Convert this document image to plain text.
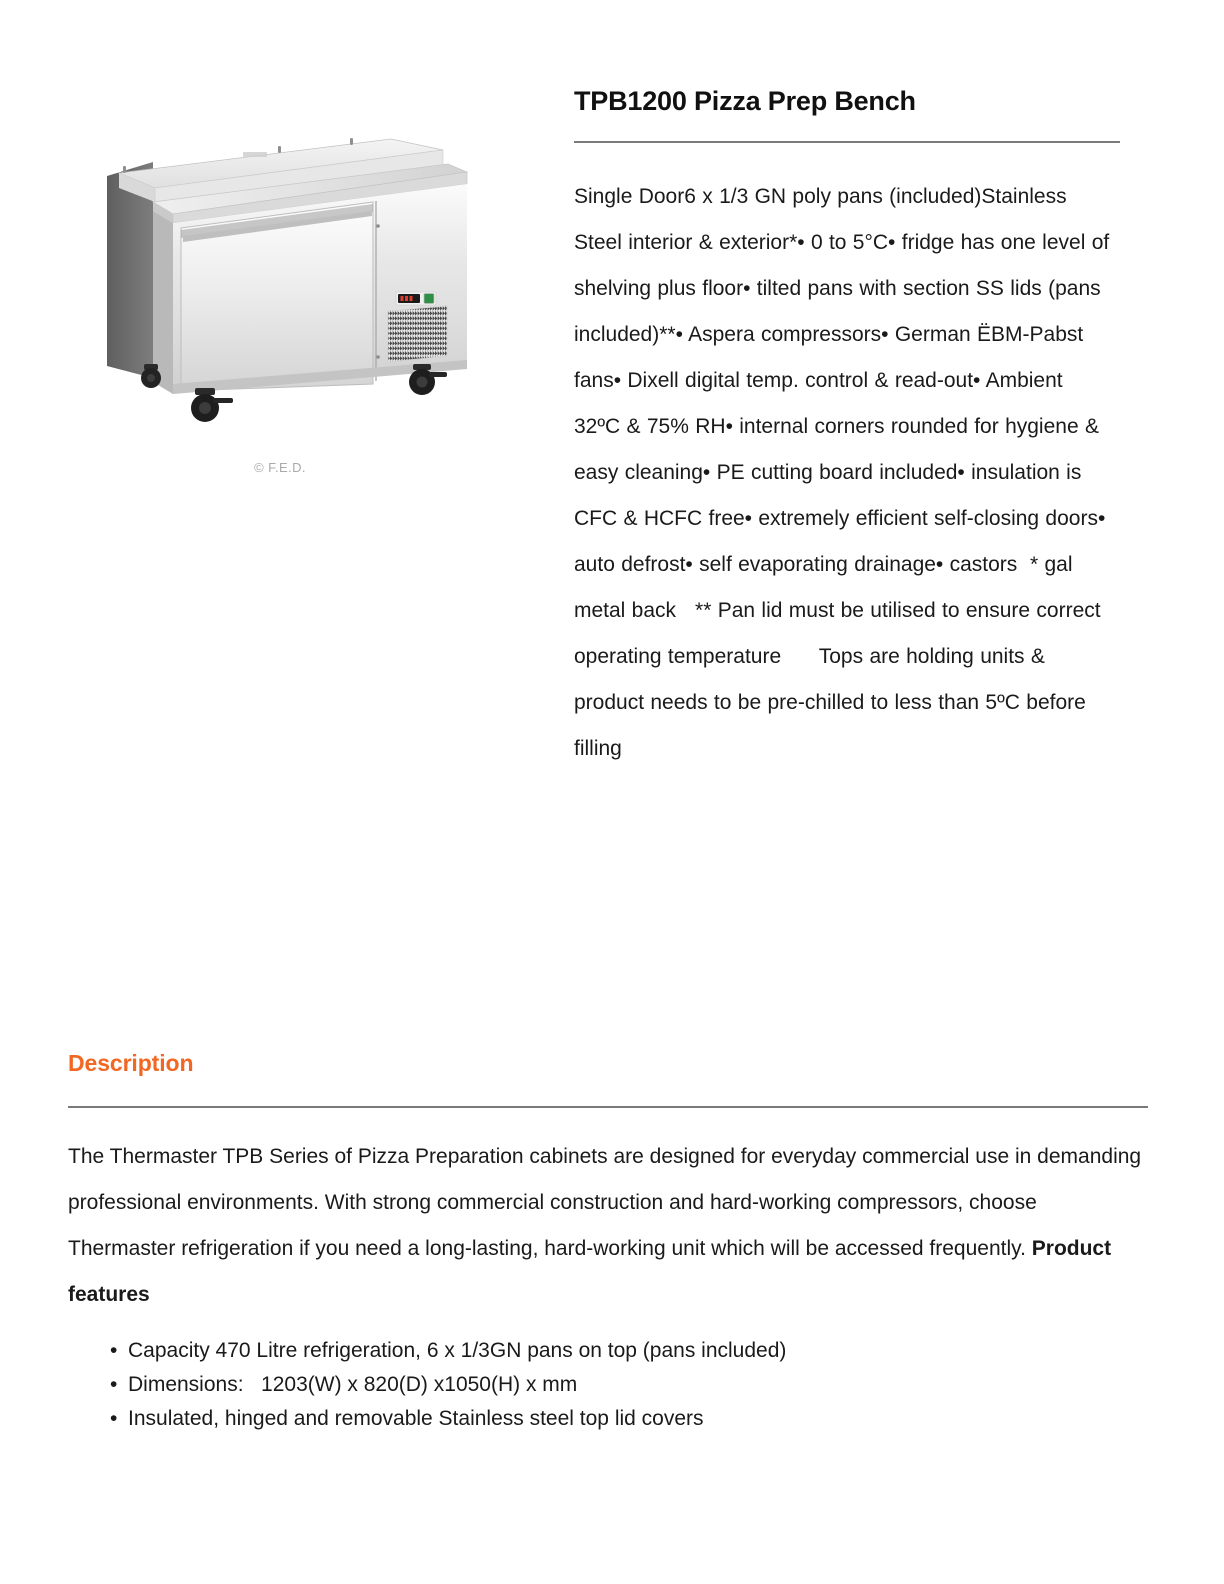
© F.E.D.
TPB1200 Pizza Prep Bench
Single Door6 x 1/3 GN poly pans (included)Stainless Steel interior & exterior*• 0 to 5°C• fridge has one level of shelving plus floor• tilted pans with section SS lids (pans included)**• Aspera compressors• German ËBM-Pabst fans• Dixell digital temp. control & read-out• Ambient 32ºC & 75% RH• internal corners rounded for hygiene & easy cleaning• PE cutting board included• insulation is CFC & HCFC free• extremely efficient self-closing doors• auto defrost• self evaporating drainage• castors  * gal metal back   ** Pan lid must be utilised to ensure correct operating temperature      Tops are holding units & product needs to be pre-chilled to less than 5ºC before filling
Description

The Thermaster TPB Series of Pizza Preparation cabinets are designed for everyday commercial use in demanding professional environments. With strong commercial construction and hard-working compressors, choose Thermaster refrigeration if you need a long-lasting, hard-working unit which will be accessed frequently. Product features

• Capacity 470 Litre refrigeration, 6 x 1/3GN pans on top (pans included)
• Dimensions:   1203(W) x 820(D) x1050(H) x mm
• Insulated, hinged and removable Stainless steel top lid covers
